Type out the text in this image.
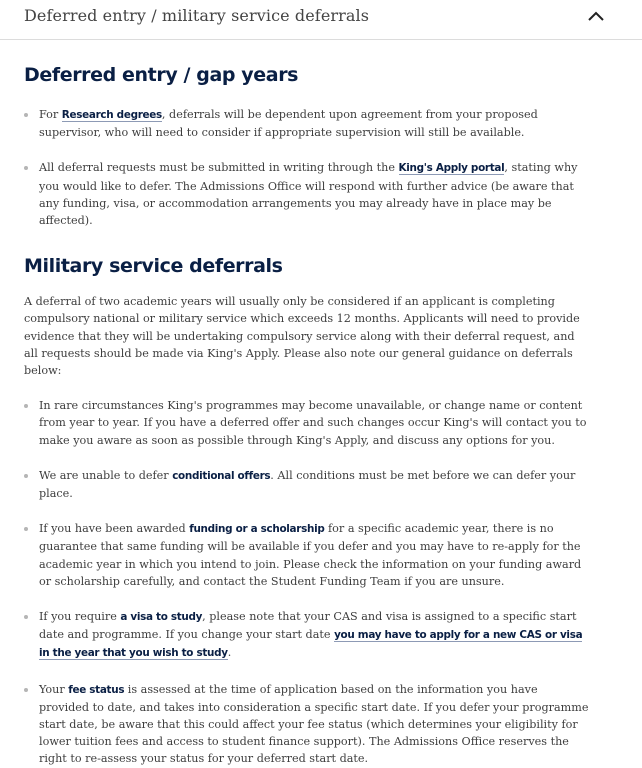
Deferred entry / military service deferrals
Deferred entry / gap years
For Research degrees, deferrals will be dependent upon agreement from your proposed supervisor, who will need to consider if appropriate supervision will still be available.
All deferral requests must be submitted in writing through the King's Apply portal, stating why you would like to defer. The Admissions Office will respond with further advice (be aware that any funding, visa, or accommodation arrangements you may already have in place may be affected).
Military service deferrals

A deferral of two academic years will usually only be considered if an applicant is completing compulsory national or military service which exceeds 12 months. Applicants will need to provide evidence that they will be undertaking compulsory service along with their deferral request, and all requests should be made via King's Apply. Please also note our general guidance on deferrals below:

In rare circumstances King's programmes may become unavailable, or change name or content from year to year. If you have a deferred offer and such changes occur King's will contact you to make you aware as soon as possible through King's Apply, and discuss any options for you.
We are unable to defer conditional offers. All conditions must be met before we can defer your place.
If you have been awarded funding or a scholarship for a specific academic year, there is no guarantee that same funding will be available if you defer and you may have to re-apply for the academic year in which you intend to join. Please check the information on your funding award or scholarship carefully, and contact the Student Funding Team if you are unsure.
If you require a visa to study, please note that your CAS and visa is assigned to a specific start date and programme. If you change your start date you may have to apply for a new CAS or visa in the year that you wish to study.
Your fee status is assessed at the time of application based on the information you have provided to date, and takes into consideration a specific start date. If you defer your programme start date, be aware that this could affect your fee status (which determines your eligibility for lower tuition fees and access to student finance support). The Admissions Office reserves the right to re-assess your status for your deferred start date.
